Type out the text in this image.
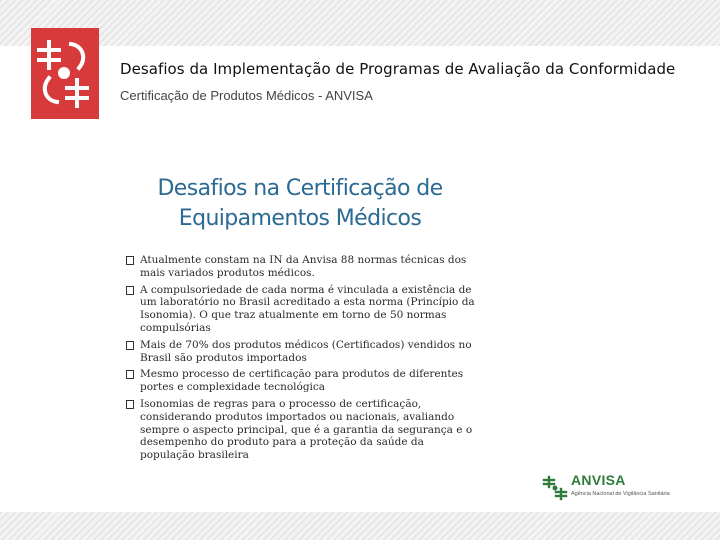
Desafios da Implementação de Programas de Avaliação da Conformidade
Certificação de Produtos Médicos - ANVISA
Desafios na Certificação de
Equipamentos Médicos
Atualmente constam na IN da Anvisa 88 normas técnicas dos mais variados produtos médicos.
A compulsoriedade de cada norma é vinculada a existência de um laboratório no Brasil acreditado a esta norma (Princípio da Isonomia). O que traz atualmente em torno de 50 normas compulsórias
Mais de 70% dos produtos médicos (Certificados) vendidos no Brasil são produtos importados
Mesmo processo de certificação para produtos de diferentes portes e complexidade tecnológica
Isonomias de regras para o processo de certificação, considerando produtos importados ou nacionais, avaliando sempre o aspecto principal, que é a garantia da segurança e o desempenho do produto para a proteção da saúde da população brasileira
ANVISA
Agência Nacional de Vigilância Sanitária
